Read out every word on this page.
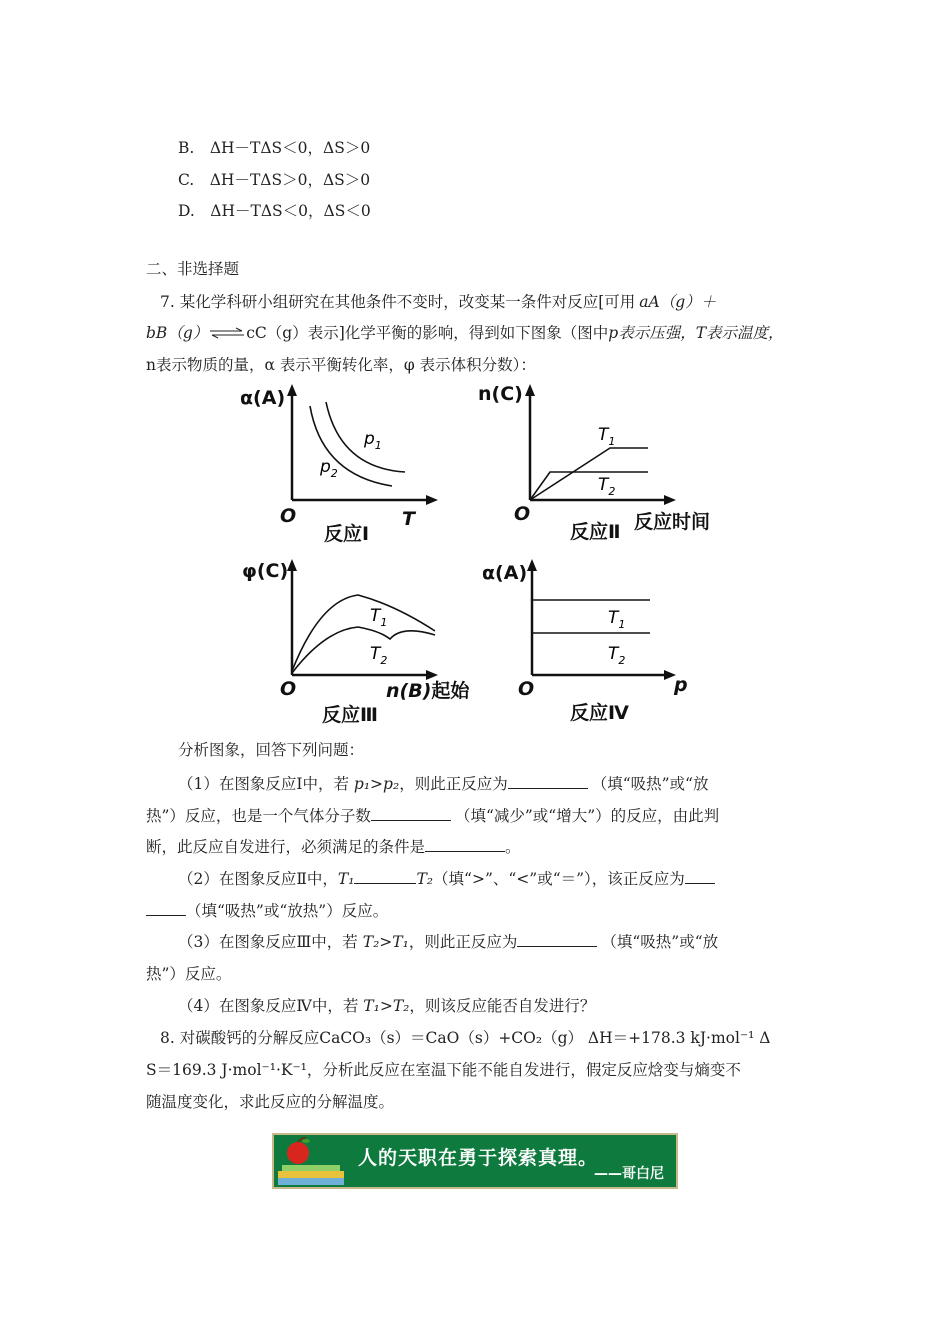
B.　ΔH－TΔS＜0，ΔS＞0
C.　ΔH－TΔS＞0，ΔS＞0
D.　ΔH－TΔS＜0，ΔS＜0
二、非选择题
7. 某化学科研小组研究在其他条件不变时，改变某一条件对反应[可用 aA（g）＋
bB（g）⇌cC（g）表示]化学平衡的影响，得到如下图象（图中p表示压强，T表示温度，
n表示物质的量，α 表示平衡转化率，φ 表示体积分数）：
α(A)
T
O
$p_1$
$p_2$
反应Ⅰ
n(C)
O
$T_1$
$T_2$
反应Ⅱ 反应时间
φ(C)
O
$T_1$
$T_2$
n(B)起始
反应Ⅲ
α(A)
O	p
$T_1$
$T_2$
反应Ⅳ
分析图象，回答下列问题：
（1）在图象反应Ⅰ中，若 p₁>p₂，则此正反应为	（填“吸热”或“放
热”）反应，也是一个气体分子数	（填“减少”或“增大”）的反应，由此判
断，此反应自发进行，必须满足的条件是	。
（2）在图象反应Ⅱ中，T₁	T₂（填“>”、“<”或“＝”），该正反应为
（填“吸热”或“放热”）反应。
（3）在图象反应Ⅲ中，若 T₂>T₁，则此正反应为	（填“吸热”或“放
热”）反应。
（4）在图象反应Ⅳ中，若 T₁>T₂，则该反应能否自发进行？
8. 对碳酸钙的分解反应CaCO₃（s）＝CaO（s）+CO₂（g） ΔH＝+178.3 kJ·mol⁻¹ Δ
S＝169.3 J·mol⁻¹·K⁻¹，分析此反应在室温下能不能自发进行，假定反应焓变与熵变不
随温度变化，求此反应的分解温度。
人的天职在勇于探索真理。
——哥白尼
